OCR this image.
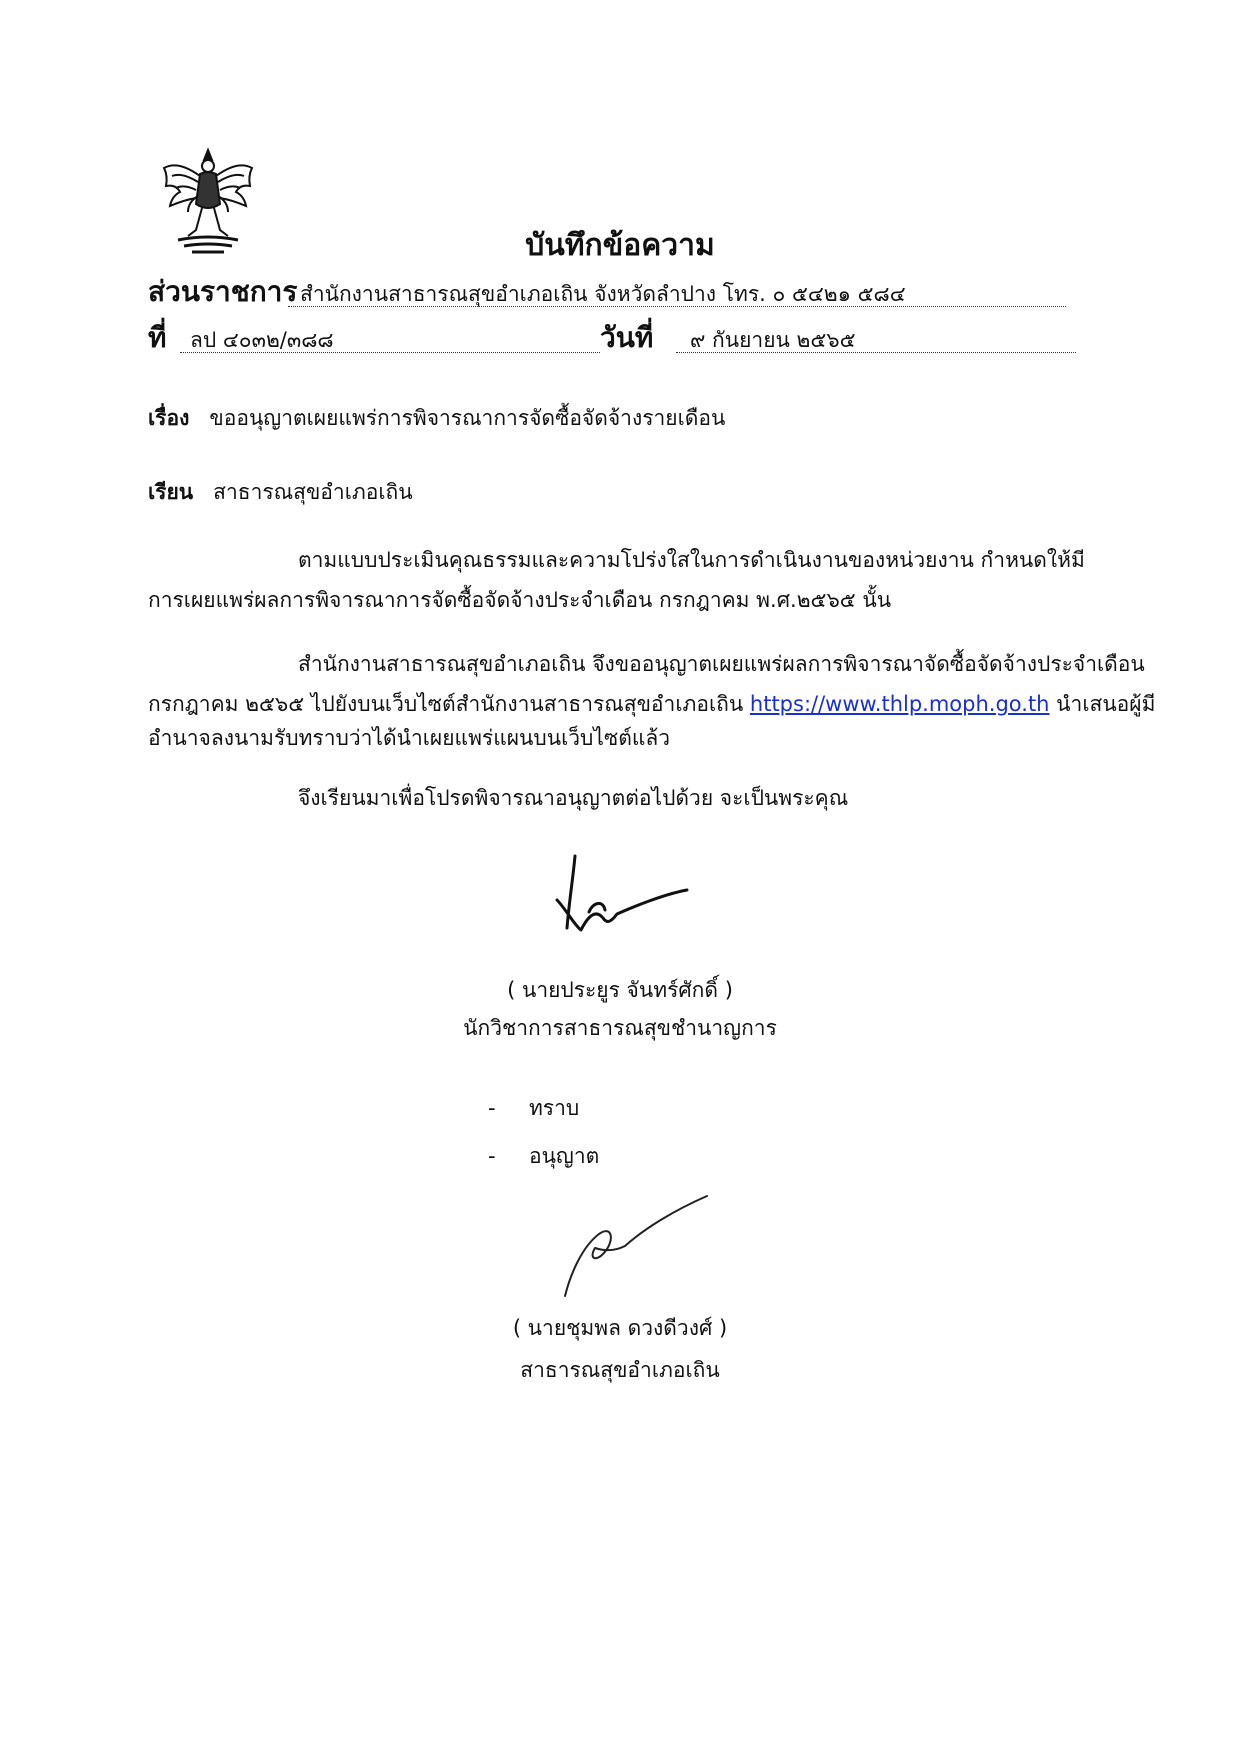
บันทึกข้อความ
ส่วนราชการ สำนักงานสาธารณสุขอำเภอเถิน จังหวัดลำปาง โทร. ๐ ๕๔๒๑ ๕๘๔
ที่ ลป ๔๐๓๒/๓๘๘	วันที่ ๙ กันยายน ๒๕๖๕
เรื่อง ขออนุญาตเผยแพร่การพิจารณาการจัดซื้อจัดจ้างรายเดือน
เรียน สาธารณสุขอำเภอเถิน
ตามแบบประเมินคุณธรรมและความโปร่งใสในการดำเนินงานของหน่วยงาน กำหนดให้มี
การเผยแพร่ผลการพิจารณาการจัดซื้อจัดจ้างประจำเดือน กรกฎาคม พ.ศ.๒๕๖๕ นั้น
สำนักงานสาธารณสุขอำเภอเถิน จึงขออนุญาตเผยแพร่ผลการพิจารณาจัดซื้อจัดจ้างประจำเดือน
กรกฎาคม ๒๕๖๕ ไปยังบนเว็บไซต์สำนักงานสาธารณสุขอำเภอเถิน https://www.thlp.moph.go.th นำเสนอผู้มี
อำนาจลงนามรับทราบว่าได้นำเผยแพร่แผนบนเว็บไซต์แล้ว
จึงเรียนมาเพื่อโปรดพิจารณาอนุญาตต่อไปด้วย จะเป็นพระคุณ
( นายประยูร จันทร์ศักดิ์ )
นักวิชาการสาธารณสุขชำนาญการ
- ทราบ
- อนุญาต
( นายชุมพล ดวงดีวงศ์ )
สาธารณสุขอำเภอเถิน
